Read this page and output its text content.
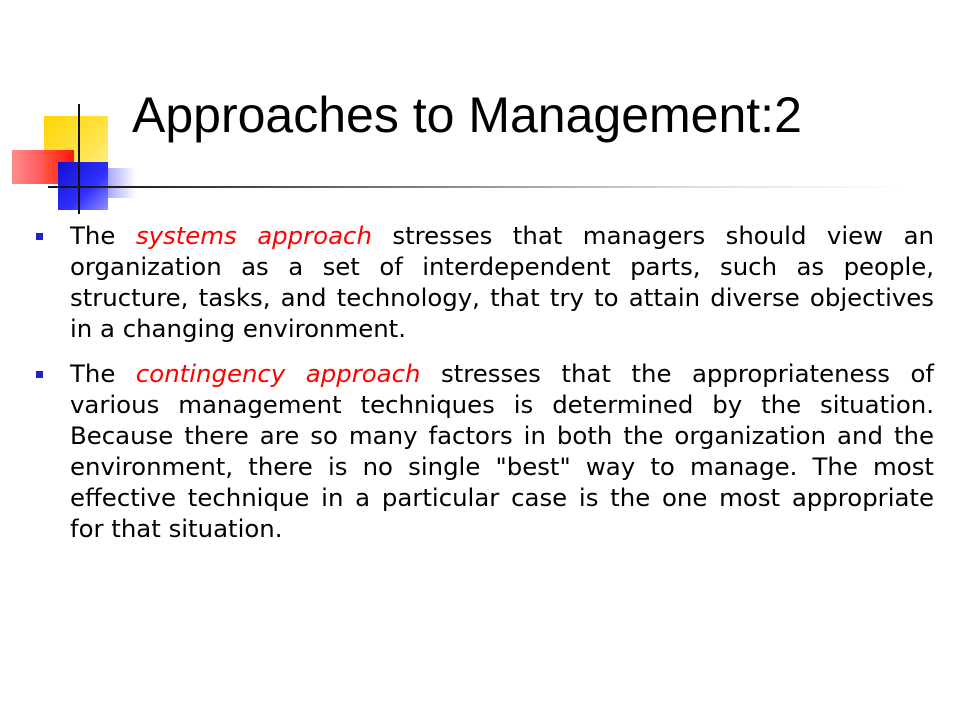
Approaches to Management:2
The systems approach stresses that managers should view an organization as a set of interdependent parts, such as people, structure, tasks, and technology, that try to attain diverse objectives in a changing environment.
The contingency approach stresses that the appropriateness of various management techniques is determined by the situation. Because there are so many factors in both the organization and the environment, there is no single "best" way to manage. The most effective technique in a particular case is the one most appropriate for that situation.
